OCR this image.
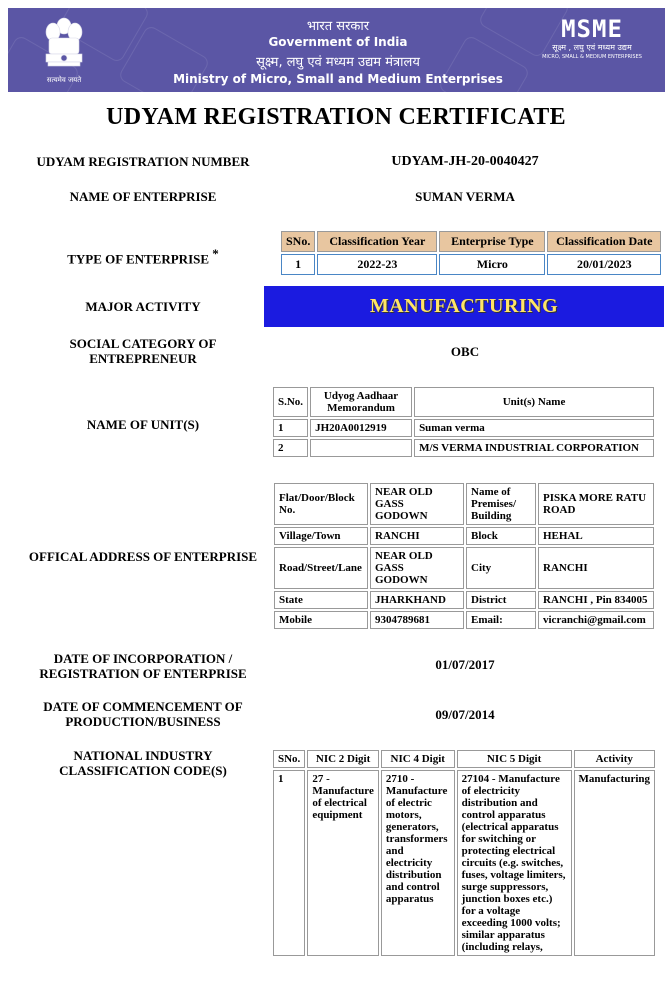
सत्यमेव जयते
भारत सरकार
Government of India
सूक्ष्म, लघु एवं मध्यम उद्यम मंत्रालय
Ministry of Micro, Small and Medium Enterprises
MSME
सूक्ष्म , लघु एवं मध्यम उद्यम
MICRO, SMALL & MEDIUM ENTERPRISES
UDYAM REGISTRATION CERTIFICATE
UDYAM REGISTRATION NUMBER	UDYAM-JH-20-0040427
NAME OF ENTERPRISE	SUMAN VERMA
TYPE OF ENTERPRISE *
SNo.	Classification Year	Enterprise Type	Classification Date
1	2022-23	Micro	20/01/2023
MAJOR ACTIVITY	MANUFACTURING
SOCIAL CATEGORY OF
ENTREPRENEUR	OBC
NAME OF UNIT(S)
S.No.	Udyog Aadhaar Memorandum	Unit(s) Name
1	JH20A0012919	Suman verma
2		M/S VERMA INDUSTRIAL CORPORATION
OFFICAL ADDRESS OF ENTERPRISE
Flat/Door/Block No.	NEAR OLD GASS GODOWN	Name of Premises/ Building	PISKA MORE RATU ROAD
Village/Town	RANCHI	Block	HEHAL
Road/Street/Lane	NEAR OLD GASS GODOWN	City	RANCHI
State	JHARKHAND	District	RANCHI , Pin 834005
Mobile	9304789681	Email:	vicranchi@gmail.com
DATE OF INCORPORATION /
REGISTRATION OF ENTERPRISE
01/07/2017
DATE OF COMMENCEMENT OF
PRODUCTION/BUSINESS	09/07/2014
NATIONAL INDUSTRY
CLASSIFICATION CODE(S)
SNo.	NIC 2 Digit	NIC 4 Digit	NIC 5 Digit	Activity
1	27 - Manufacture of electrical equipment	2710 - Manufacture of electric motors, generators, transformers and electricity distribution and control apparatus	27104 - Manufacture of electricity distribution and control apparatus (electrical apparatus for switching or protecting electrical circuits (e.g. switches, fuses, voltage limiters, surge suppressors, junction boxes etc.) for a voltage exceeding 1000 volts; similar apparatus (including relays,	Manufacturing
